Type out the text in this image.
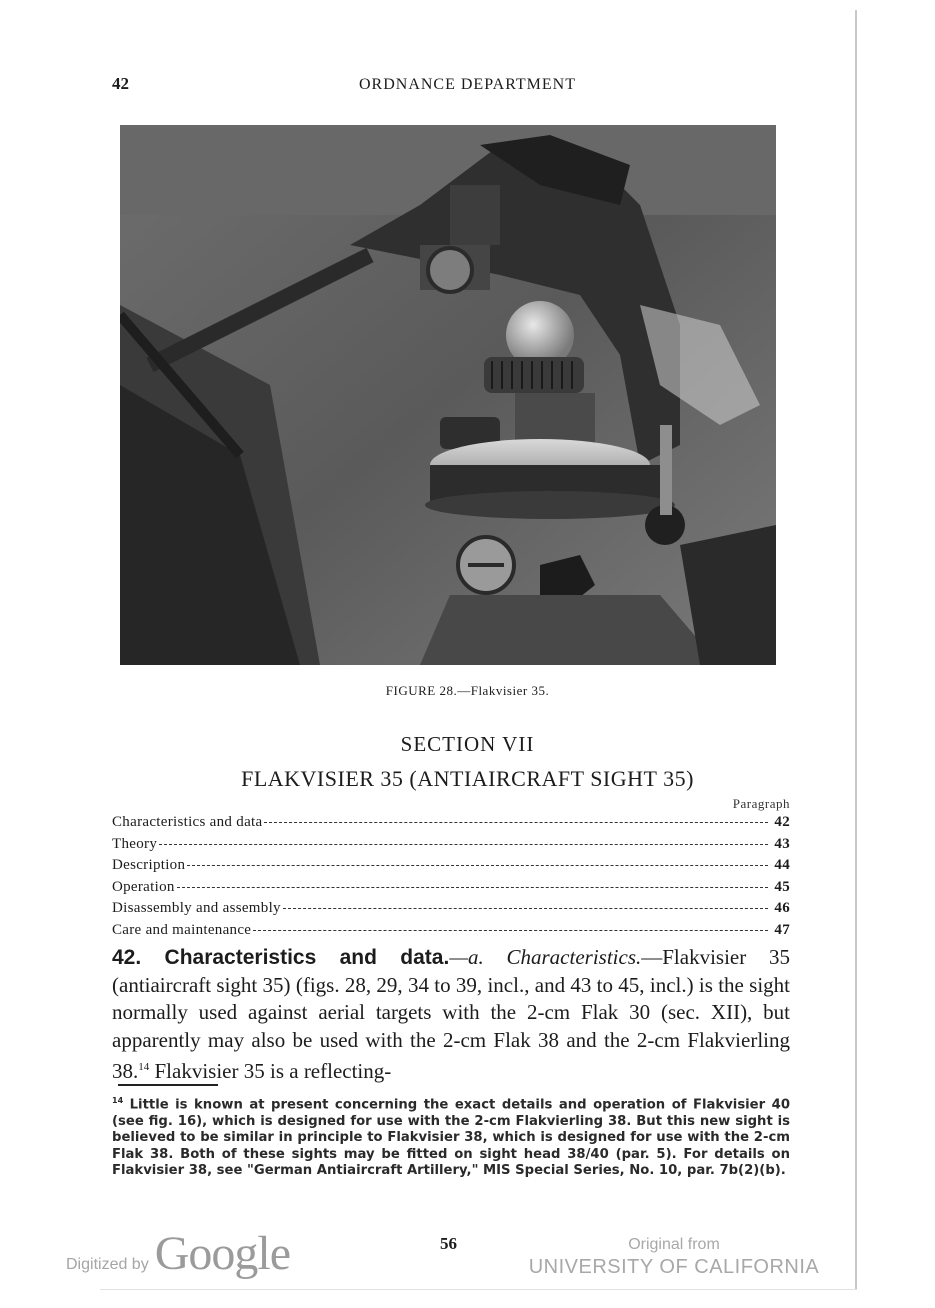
42	ORDNANCE DEPARTMENT
FIGURE 28.—Flakvisier 35.
SECTION VII
FLAKVISIER 35 (ANTIAIRCRAFT SIGHT 35)
Paragraph
Characteristics and data	42
Theory	43
Description	44
Operation	45
Disassembly and assembly	46
Care and maintenance	47

42. Characteristics and data.—a. Characteristics.—Flakvisier 35 (antiaircraft sight 35) (figs. 28, 29, 34 to 39, incl., and 43 to 45, incl.) is the sight normally used against aerial targets with the 2-cm Flak 30 (sec. XII), but apparently may also be used with the 2-cm Flak 38 and the 2-cm Flakvierling 38.14 Flakvisier 35 is a reflecting-

$^{14}$ Little is known at present concerning the exact details and operation of Flakvisier 40 (see fig. 16), which is designed for use with the 2-cm Flakvierling 38. But this new sight is believed to be similar in principle to Flakvisier 38, which is designed for use with the 2-cm Flak 38. Both of these sights may be fitted on sight head 38/40 (par. 5). For details on Flakvisier 38, see "German Antiaircraft Artillery," MIS Special Series, No. 10, par. 7b(2)(b).
56
Digitized by Google	Original from
UNIVERSITY OF CALIFORNIA
